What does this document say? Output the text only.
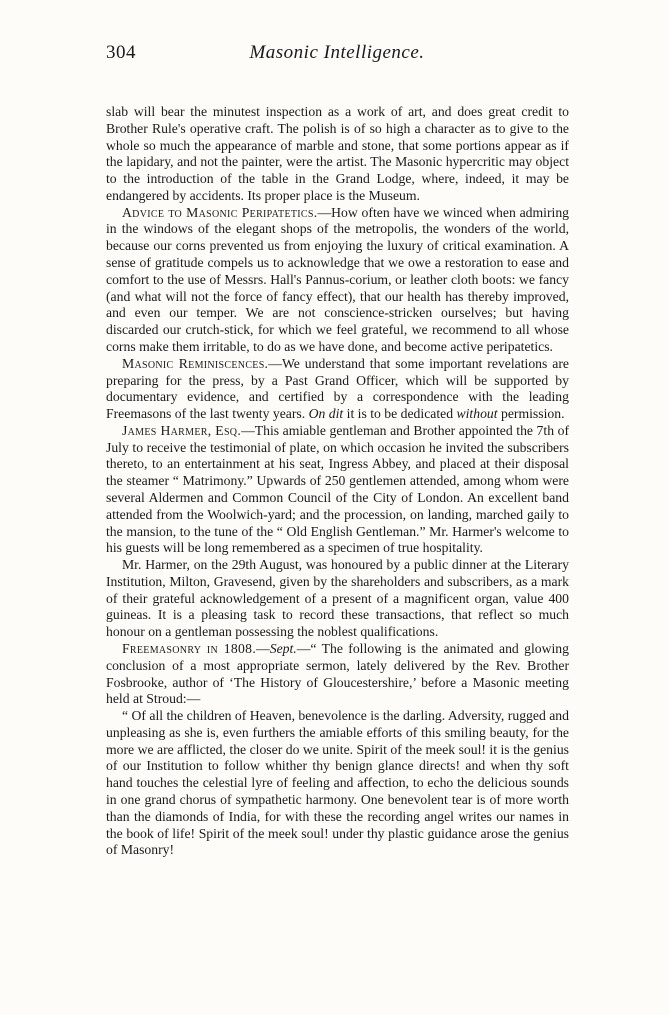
304	Masonic Intelligence.

slab will bear the minutest inspection as a work of art, and does great credit to Brother Rule's operative craft. The polish is of so high a character as to give to the whole so much the appearance of marble and stone, that some portions appear as if the lapidary, and not the painter, were the artist. The Masonic hypercritic may object to the introduction of the table in the Grand Lodge, where, indeed, it may be endangered by accidents. Its proper place is the Museum.

Advice to Masonic Peripatetics.—How often have we winced when admiring in the windows of the elegant shops of the metropolis, the wonders of the world, because our corns prevented us from enjoying the luxury of critical examination. A sense of gratitude compels us to acknowledge that we owe a restoration to ease and comfort to the use of Messrs. Hall's Pannus-corium, or leather cloth boots: we fancy (and what will not the force of fancy effect), that our health has thereby improved, and even our temper. We are not conscience-stricken ourselves; but having discarded our crutch-stick, for which we feel grateful, we recommend to all whose corns make them irritable, to do as we have done, and become active peripatetics.

Masonic Reminiscences.—We understand that some important revelations are preparing for the press, by a Past Grand Officer, which will be supported by documentary evidence, and certified by a correspondence with the leading Freemasons of the last twenty years. On dit it is to be dedicated without permission.

James Harmer, Esq.—This amiable gentleman and Brother appointed the 7th of July to receive the testimonial of plate, on which occasion he invited the subscribers thereto, to an entertainment at his seat, Ingress Abbey, and placed at their disposal the steamer “ Matrimony.” Upwards of 250 gentlemen attended, among whom were several Aldermen and Common Council of the City of London. An excellent band attended from the Woolwich-yard; and the procession, on landing, marched gaily to the mansion, to the tune of the “ Old English Gentleman.” Mr. Harmer's welcome to his guests will be long remembered as a specimen of true hospitality.

Mr. Harmer, on the 29th August, was honoured by a public dinner at the Literary Institution, Milton, Gravesend, given by the shareholders and subscribers, as a mark of their grateful acknowledgement of a present of a magnificent organ, value 400 guineas. It is a pleasing task to record these transactions, that reflect so much honour on a gentleman possessing the noblest qualifications.

Freemasonry in 1808.—Sept.—“ The following is the animated and glowing conclusion of a most appropriate sermon, lately delivered by the Rev. Brother Fosbrooke, author of ‘The History of Gloucestershire,’ before a Masonic meeting held at Stroud:—

“ Of all the children of Heaven, benevolence is the darling. Adversity, rugged and unpleasing as she is, even furthers the amiable efforts of this smiling beauty, for the more we are afflicted, the closer do we unite. Spirit of the meek soul! it is the genius of our Institution to follow whither thy benign glance directs! and when thy soft hand touches the celestial lyre of feeling and affection, to echo the delicious sounds in one grand chorus of sympathetic harmony. One benevolent tear is of more worth than the diamonds of India, for with these the recording angel writes our names in the book of life! Spirit of the meek soul! under thy plastic guidance arose the genius of Masonry!
